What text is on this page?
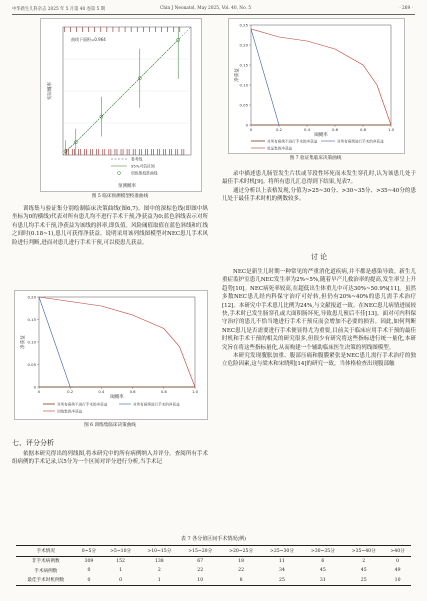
中华新生儿科杂志 2025 年 5 月第 40 卷第 5 期	Chin J Neonatol, May 2025, Vol. 40, No. 5	· 269 ·
曲线下面积=0.964
实际概率
预测概率
参考线
95%可信区间
训练集校准曲线
图 5 临床预测模型校准曲线
0	0.2	0.4	0.6	0.8	1.0
0.25
0.20
0.15
0.10
0.05
0
净获益
阈概率
对所有病例不进行手术的净获益	对所有病例进行手术的净获益
验证集的净获益
图 7 验证集临床决策曲线

训练集与验证集分别绘制临床决策曲线(图6,7)。图中的深棕色线(即图中纵坐标为0的横线)代表对所有患儿均不进行手术干预,净获益为0;蓝色斜线表示对所有患儿均手术干预,净获益为该线的斜率,即负值。风险阈值取值在蓝色斜线和红线之间时(0.18~1),患儿可获得净获益。说明采用该列线图模型对NEC患儿手术风险进行判断,进而对患儿进行手术干预,可以使患儿获益。

0	0.2	0.4	0.6	0.8	1.0
0.20
0.15
0.10
0.05
0
净获益
阈概率
对所有病例不进行手术的净获益	对所有病例进行手术的净获益
训练集的净获益
图 6 训练集临床决策曲线
七、评分分析

依据本研究得出的列线图,将本研究中的所有病例纳入并评分。查阅所有手术组病例的手术记录,以5分为一个区间对评分进行分析,当手术记

录中描述患儿肠管发生片状或节段性坏死而未发生穿孔时,认为该患儿处于最佳手术时机[9]。将所有患儿汇总得到下结果,见表7。

通过分析以上表格发现,分值为>25~30分、>30~35分、>35~40分的患儿处于最佳手术时机的例数较多。

讨 论

NEC是新生儿时期一种常见的严重消化道疾病,并不都是感染导致。新生儿重症监护室患儿NEC发生率为2%~5%,随着早产儿救治率的提高,发生率呈上升趋势[10]。NEC病死率较高,在超低出生体重儿中可达30%~50.9%[11]。虽然多数NEC患儿经内科保守治疗可好转,但仍有20%~40%的患儿需手术治疗[12]。本研究中手术患儿比例为24%,与文献报道一致。在NEC患儿病情进展较快,手术时已发生肠穿孔或大面积肠坏死,导致患儿预后不佳[13]。面对可内科保守治疗的患儿不恰当地进行手术干预反而会增加不必要的损害。因此,如何判断NEC患儿是否需要进行手术便显得尤为重要,目前关于临床应用手术干预的最佳时机和手术干预的相关的研究很多,但很少有研究将这些指标进行统一量化,本研究旨在将这些指标量化,从而构建一个辅助临床医生决策的列线图模型。

本研究发现腹胀加重、腹部压痛和腹膜紧张是NEC患儿需行手术治疗的独立危险因素,这与梁木和宋晓明[14]的研究一致。当体格检查出现腹部触

表 7 各分值区间手术情况(例)
手术情况	0~5分	>5~10分	>10~15分	>15~20分	>20~25分	>25~30分	>30~35分	>35~40分	>40分
非手术病例数	309	152	138	67	18	11	6	2	0
手术病例数	0	1	2	22	22	34	45	45	49
最佳手术时机例数	0	0	1	10	8	25	31	25	10
